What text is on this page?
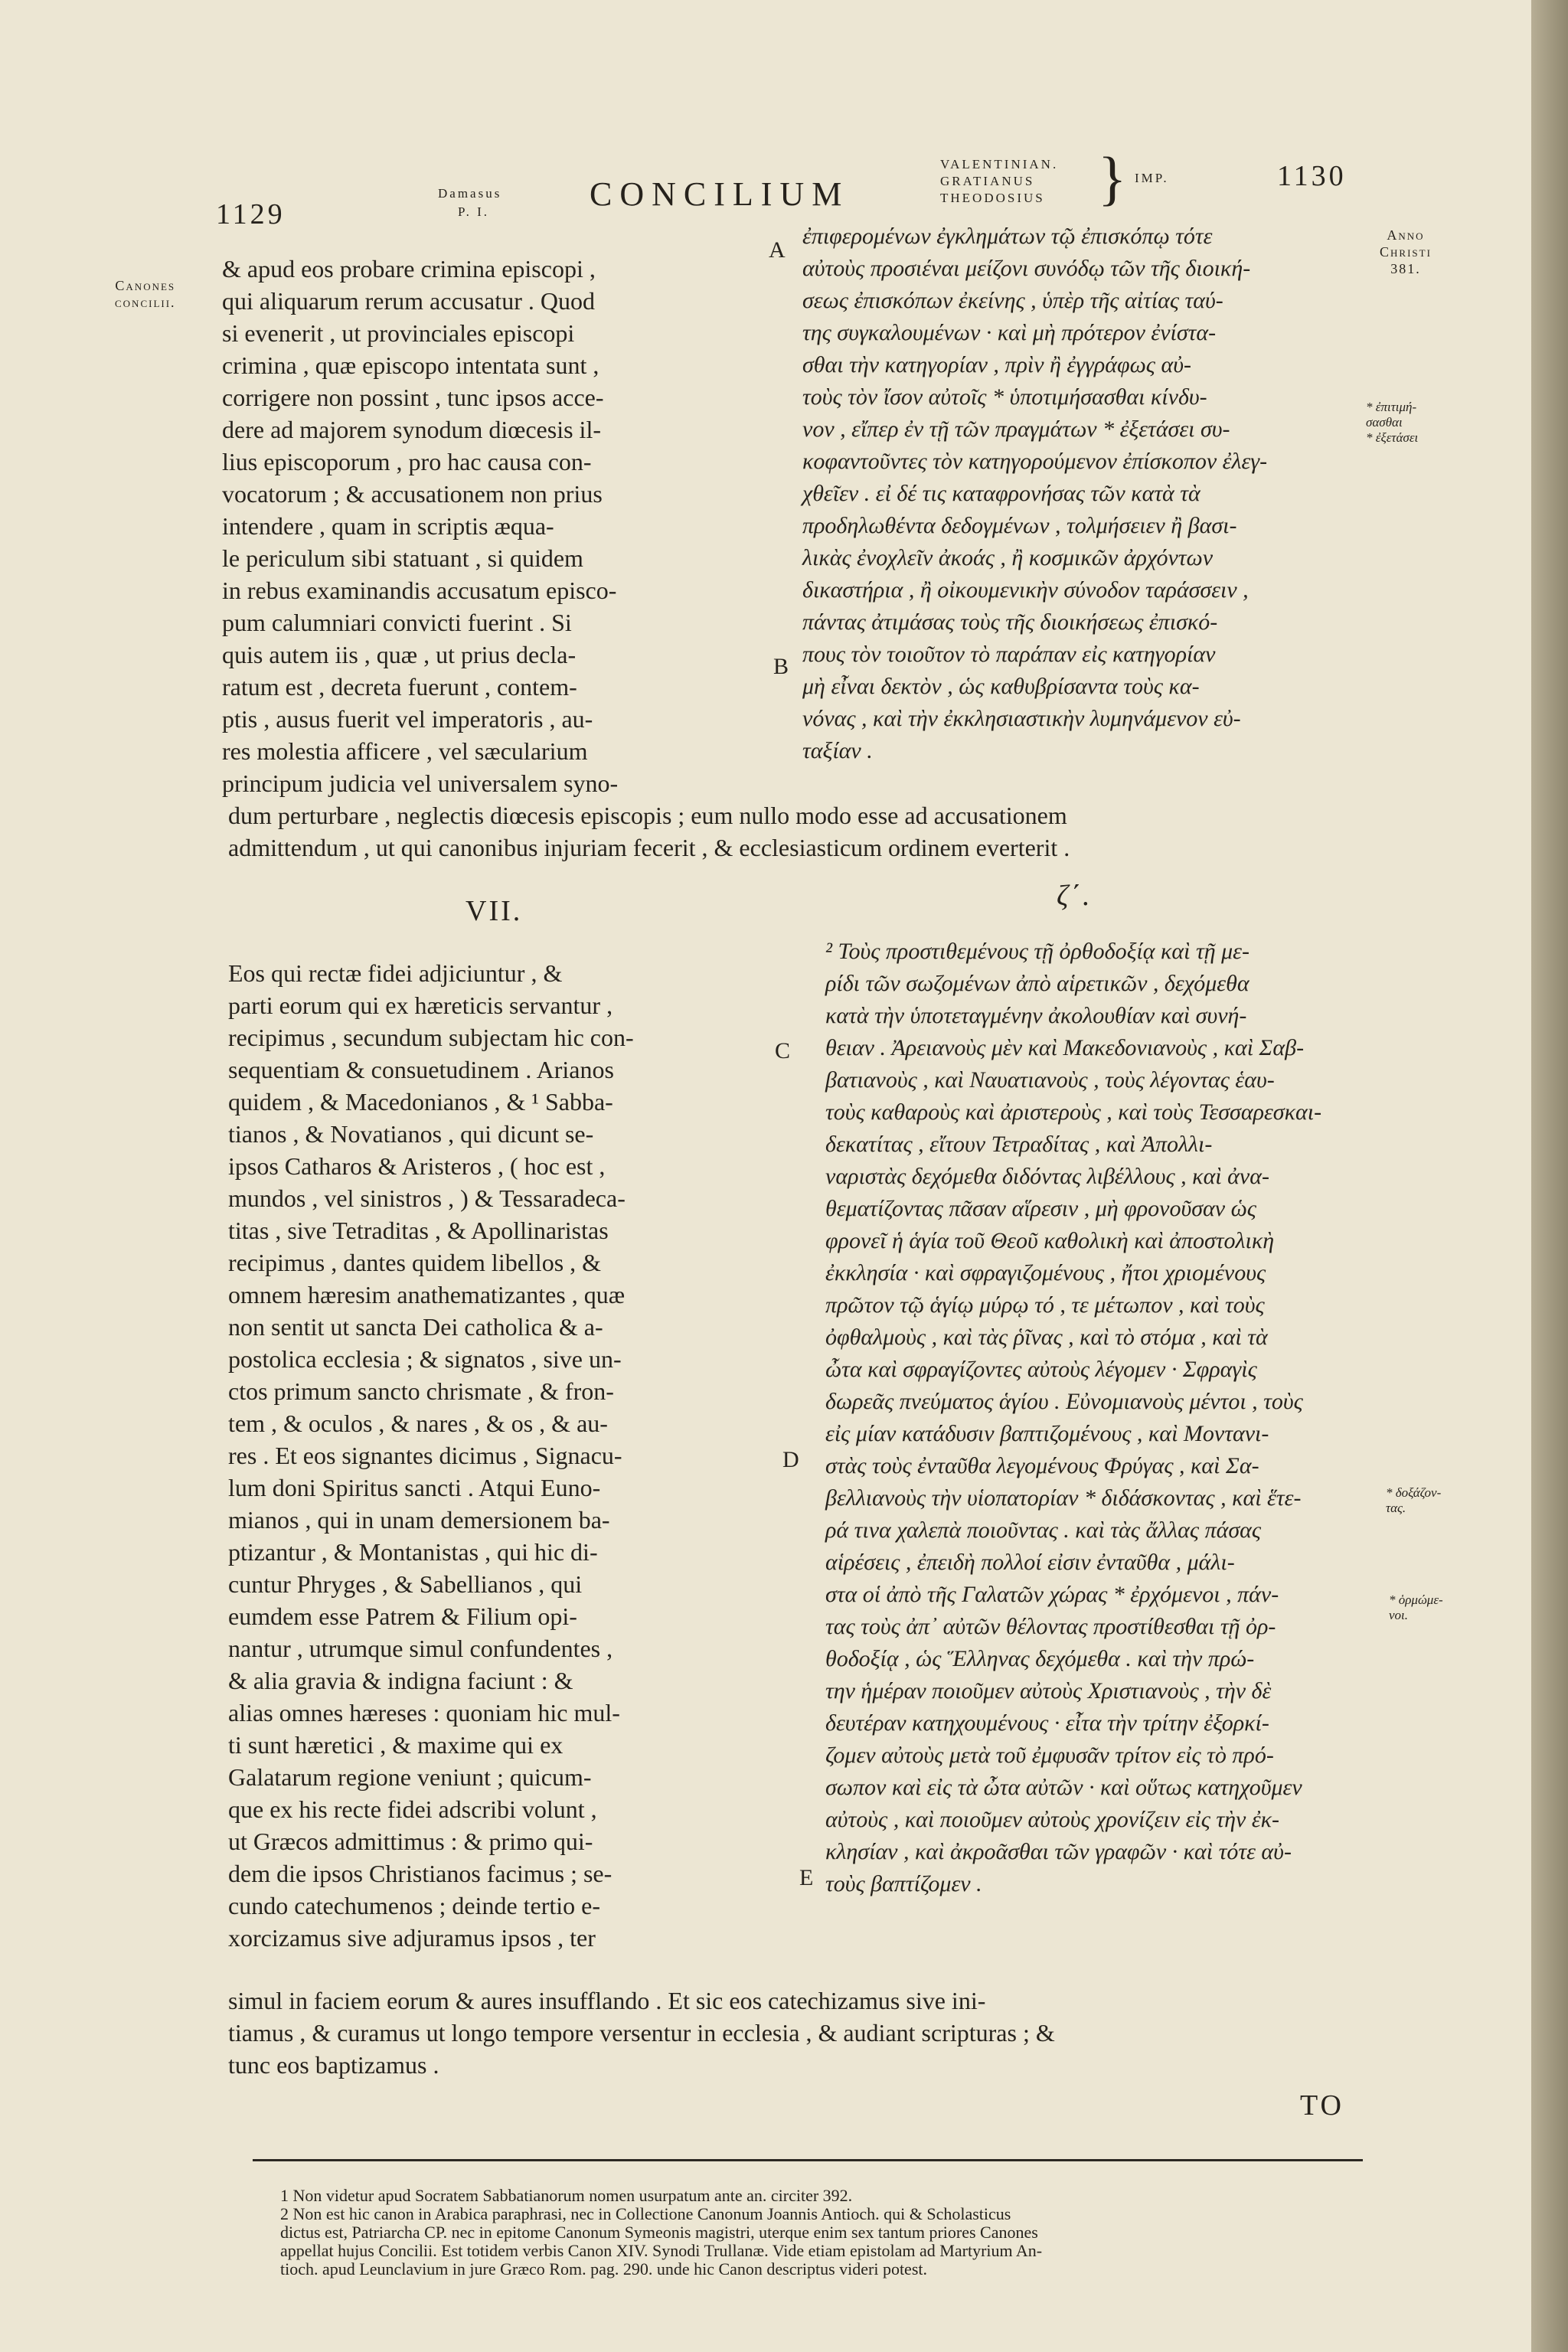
1129
Damasus
P. I.	CONCILIUM
VALENTINIAN.
GRATIANUS
THEODOSIUS } IMP.	1130
Canones
concilii.
Anno
Christi
381.
A
B
C
D
E
* ἐπιτιμή-
σασθαι
* ἐξετάσει
* δοξάζον-
τας.
* ὁρμώμε-
νοι.
& apud eos probare crimina episcopi ,
qui aliquarum rerum accusatur . Quod
si evenerit , ut provinciales episcopi
crimina , quæ episcopo intentata sunt ,
corrigere non possint , tunc ipsos acce-
dere ad majorem synodum diœcesis il-
lius episcoporum , pro hac causa con-
vocatorum ; & accusationem non prius
intendere , quam in scriptis æqua-
le periculum sibi statuant , si quidem
in rebus examinandis accusatum episco-
pum calumniari convicti fuerint . Si
quis autem iis , quæ , ut prius decla-
ratum est , decreta fuerunt , contem-
ptis , ausus fuerit vel imperatoris , au-
res molestia afficere , vel sæcularium
principum judicia vel universalem syno-
ἐπιφερομένων ἐγκλημάτων τῷ ἐπισκόπῳ τότε
αὐτοὺς προσιέναι μείζονι συνόδῳ τῶν τῆς διοική-
σεως ἐπισκόπων ἐκείνης , ὑπὲρ τῆς αἰτίας ταύ-
της συγκαλουμένων · καὶ μὴ πρότερον ἐνίστα-
σθαι τὴν κατηγορίαν , πρὶν ἢ ἐγγράφως αὐ-
τοὺς τὸν ἴσον αὐτοῖς * ὑποτιμήσασθαι κίνδυ-
νον , εἴπερ ἐν τῇ τῶν πραγμάτων * ἐξετάσει συ-
κοφαντοῦντες τὸν κατηγορούμενον ἐπίσκοπον ἐλεγ-
χθεῖεν . εἰ δέ τις καταφρονήσας τῶν κατὰ τὰ
προδηλωθέντα δεδογμένων , τολμήσειεν ἢ βασι-
λικὰς ἐνοχλεῖν ἀκοάς , ἢ κοσμικῶν ἀρχόντων
δικαστήρια , ἢ οἰκουμενικὴν σύνοδον ταράσσειν ,
πάντας ἀτιμάσας τοὺς τῆς διοικήσεως ἐπισκό-
πους τὸν τοιοῦτον τὸ παράπαν εἰς κατηγορίαν
μὴ εἶναι δεκτὸν , ὡς καθυβρίσαντα τοὺς κα-
νόνας , καὶ τὴν ἐκκλησιαστικὴν λυμηνάμενον εὐ-
ταξίαν .
dum perturbare , neglectis diœcesis episcopis ; eum nullo modo esse ad accusationem
admittendum , ut qui canonibus injuriam fecerit , & ecclesiasticum ordinem everterit .
VII.	ζ΄.
Eos qui rectæ fidei adjiciuntur , &
parti eorum qui ex hæreticis servantur ,
recipimus , secundum subjectam hic con-
sequentiam & consuetudinem . Arianos
quidem , & Macedonianos , & ¹ Sabba-
tianos , & Novatianos , qui dicunt se-
ipsos Catharos & Aristeros , ( hoc est ,
mundos , vel sinistros , ) & Tessaradeca-
titas , sive Tetraditas , & Apollinaristas
recipimus , dantes quidem libellos , &
omnem hæresim anathematizantes , quæ
non sentit ut sancta Dei catholica & a-
postolica ecclesia ; & signatos , sive un-
ctos primum sancto chrismate , & fron-
tem , & oculos , & nares , & os , & au-
res . Et eos signantes dicimus , Signacu-
lum doni Spiritus sancti . Atqui Euno-
mianos , qui in unam demersionem ba-
ptizantur , & Montanistas , qui hic di-
cuntur Phryges , & Sabellianos , qui
eumdem esse Patrem & Filium opi-
nantur , utrumque simul confundentes ,
& alia gravia & indigna faciunt : &
alias omnes hæreses : quoniam hic mul-
ti sunt hæretici , & maxime qui ex
Galatarum regione veniunt ; quicum-
que ex his recte fidei adscribi volunt ,
ut Græcos admittimus : & primo qui-
dem die ipsos Christianos facimus ; se-
cundo catechumenos ; deinde tertio e-
xorcizamus sive adjuramus ipsos , ter
² Τοὺς προστιθεμένους τῇ ὀρθοδοξίᾳ καὶ τῇ με-
ρίδι τῶν σωζομένων ἀπὸ αἱρετικῶν , δεχόμεθα
κατὰ τὴν ὑποτεταγμένην ἀκολουθίαν καὶ συνή-
θειαν . Ἀρειανοὺς μὲν καὶ Μακεδονιανοὺς , καὶ Σαβ-
βατιανοὺς , καὶ Ναυατιανοὺς , τοὺς λέγοντας ἑαυ-
τοὺς καθαροὺς καὶ ἀριστεροὺς , καὶ τοὺς Τεσσαρεσκαι-
δεκατίτας , εἴτουν Τετραδίτας , καὶ Ἀπολλι-
ναριστὰς δεχόμεθα διδόντας λιβέλλους , καὶ ἀνα-
θεματίζοντας πᾶσαν αἵρεσιν , μὴ φρονοῦσαν ὡς
φρονεῖ ἡ ἁγία τοῦ Θεοῦ καθολικὴ καὶ ἀποστολικὴ
ἐκκλησία · καὶ σφραγιζομένους , ἤτοι χριομένους
πρῶτον τῷ ἁγίῳ μύρῳ τό , τε μέτωπον , καὶ τοὺς
ὀφθαλμοὺς , καὶ τὰς ῥῖνας , καὶ τὸ στόμα , καὶ τὰ
ὦτα καὶ σφραγίζοντες αὐτοὺς λέγομεν · Σφραγὶς
δωρεᾶς πνεύματος ἁγίου . Εὐνομιανοὺς μέντοι , τοὺς
εἰς μίαν κατάδυσιν βαπτιζομένους , καὶ Μοντανι-
στὰς τοὺς ἐνταῦθα λεγομένους Φρύγας , καὶ Σα-
βελλιανοὺς τὴν υἱοπατορίαν * διδάσκοντας , καὶ ἕτε-
ρά τινα χαλεπὰ ποιοῦντας . καὶ τὰς ἄλλας πάσας
αἱρέσεις , ἐπειδὴ πολλοί εἰσιν ἐνταῦθα , μάλι-
στα οἱ ἀπὸ τῆς Γαλατῶν χώρας * ἐρχόμενοι , πάν-
τας τοὺς ἀπ᾽ αὐτῶν θέλοντας προστίθεσθαι τῇ ὀρ-
θοδοξίᾳ , ὡς Ἕλληνας δεχόμεθα . καὶ τὴν πρώ-
την ἡμέραν ποιοῦμεν αὐτοὺς Χριστιανοὺς , τὴν δὲ
δευτέραν κατηχουμένους · εἶτα τὴν τρίτην ἐξορκί-
ζομεν αὐτοὺς μετὰ τοῦ ἐμφυσᾶν τρίτον εἰς τὸ πρό-
σωπον καὶ εἰς τὰ ὦτα αὐτῶν · καὶ οὕτως κατηχοῦμεν
αὐτοὺς , καὶ ποιοῦμεν αὐτοὺς χρονίζειν εἰς τὴν ἐκ-
κλησίαν , καὶ ἀκροᾶσθαι τῶν γραφῶν · καὶ τότε αὐ-
τοὺς βαπτίζομεν .
simul in faciem eorum & aures insufflando . Et sic eos catechizamus sive ini-
tiamus , & curamus ut longo tempore versentur in ecclesia , & audiant scripturas ; &
tunc eos baptizamus .
TO
1 Non videtur apud Socratem Sabbatianorum nomen usurpatum ante an. circiter 392.
2 Non est hic canon in Arabica paraphrasi, nec in Collectione Canonum Joannis Antioch. qui & Scholasticus
dictus est, Patriarcha CP. nec in epitome Canonum Symeonis magistri, uterque enim sex tantum priores Canones
appellat hujus Concilii. Est totidem verbis Canon XIV. Synodi Trullanæ. Vide etiam epistolam ad Martyrium An-
tioch. apud Leunclavium in jure Græco Rom. pag. 290. unde hic Canon descriptus videri potest.
